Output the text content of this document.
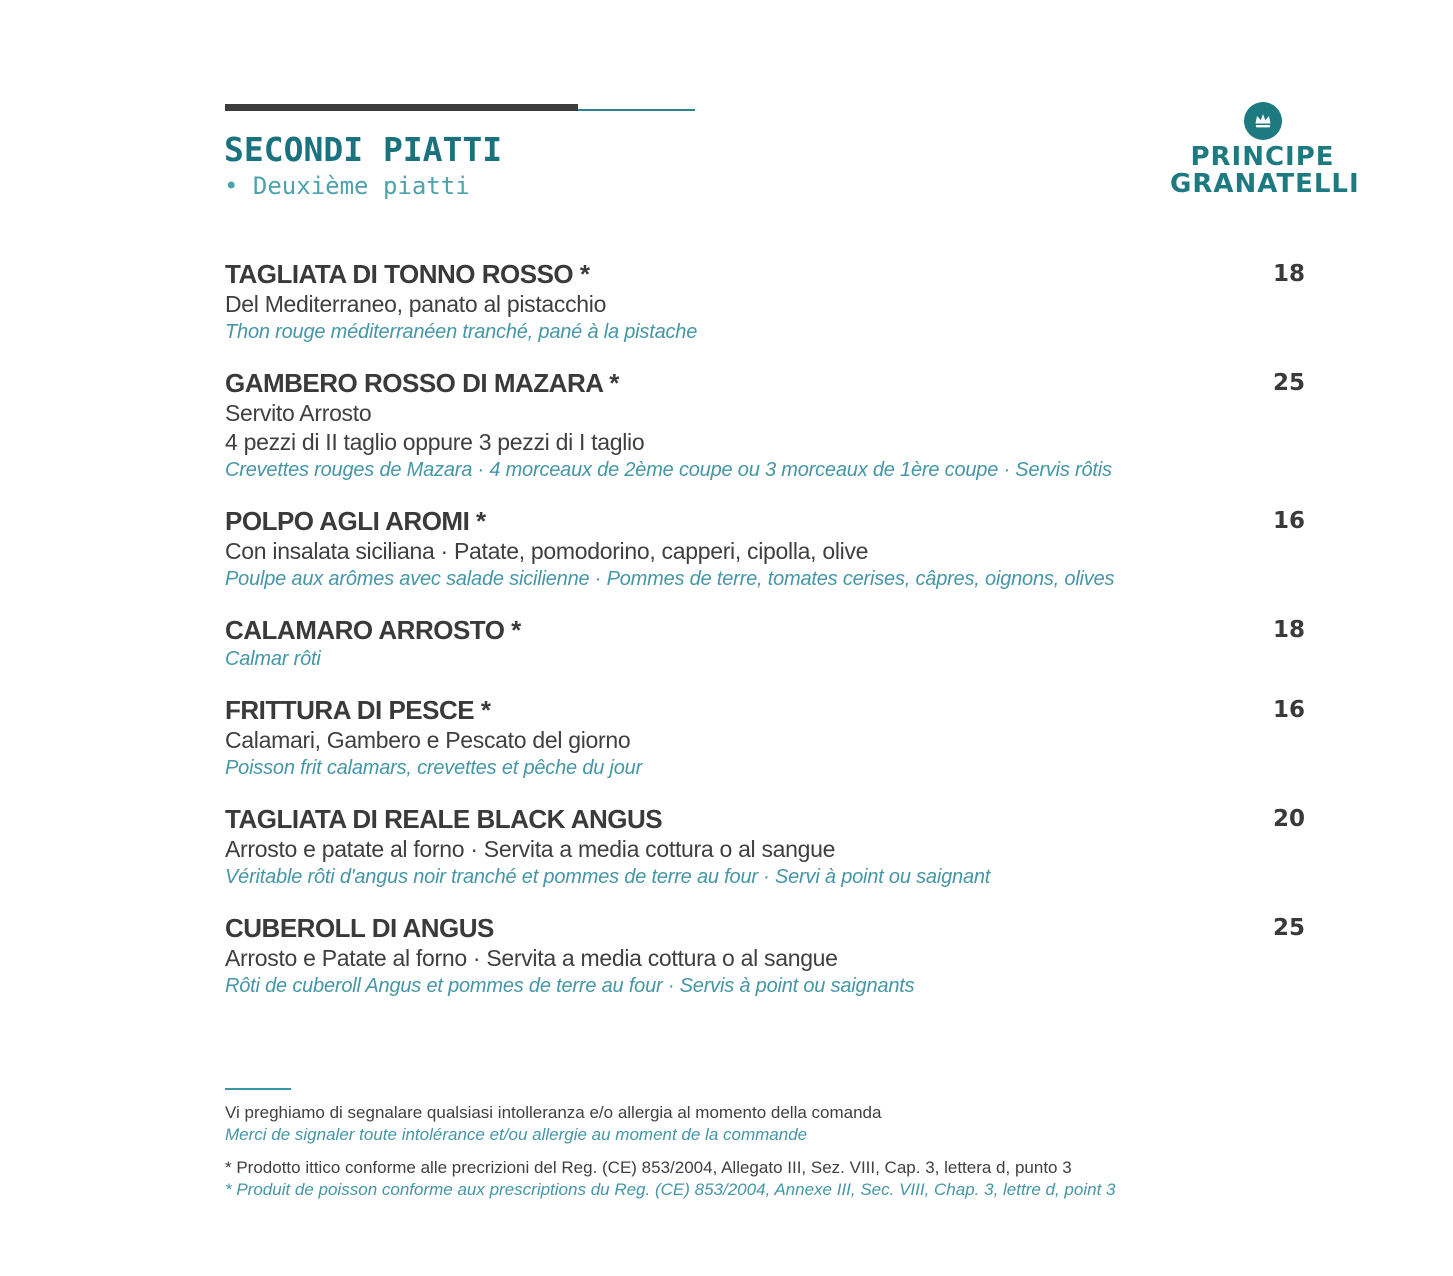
SECONDI PIATTI
• Deuxième piatti
PRINCIPE
GRANATELLI
TAGLIATA DI TONNO ROSSO *
Del Mediterraneo, panato al pistacchio
Thon rouge méditerranéen tranché, pané à la pistache
18
GAMBERO ROSSO DI MAZARA *
Servito Arrosto
4 pezzi di II taglio oppure 3 pezzi di I taglio
Crevettes rouges de Mazara · 4 morceaux de 2ème coupe ou 3 morceaux de 1ère coupe · Servis rôtis
25
POLPO AGLI AROMI *
Con insalata siciliana · Patate, pomodorino, capperi, cipolla, olive
Poulpe aux arômes avec salade sicilienne · Pommes de terre, tomates cerises, câpres, oignons, olives
16
CALAMARO ARROSTO *
Calmar rôti
18
FRITTURA DI PESCE *
Calamari, Gambero e Pescato del giorno
Poisson frit calamars, crevettes et pêche du jour
16
TAGLIATA DI REALE BLACK ANGUS
Arrosto e patate al forno · Servita a media cottura o al sangue
Véritable rôti d'angus noir tranché et pommes de terre au four · Servi à point ou saignant
20
CUBEROLL DI ANGUS
Arrosto e Patate al forno · Servita a media cottura o al sangue
Rôti de cuberoll Angus et pommes de terre au four · Servis à point ou saignants
25
Vi preghiamo di segnalare qualsiasi intolleranza e/o allergia al momento della comanda
Merci de signaler toute intolérance et/ou allergie au moment de la commande
* Prodotto ittico conforme alle precrizioni del Reg. (CE) 853/2004, Allegato III, Sez. VIII, Cap. 3, lettera d, punto 3
* Produit de poisson conforme aux prescriptions du Reg. (CE) 853/2004, Annexe III, Sec. VIII, Chap. 3, lettre d, point 3
